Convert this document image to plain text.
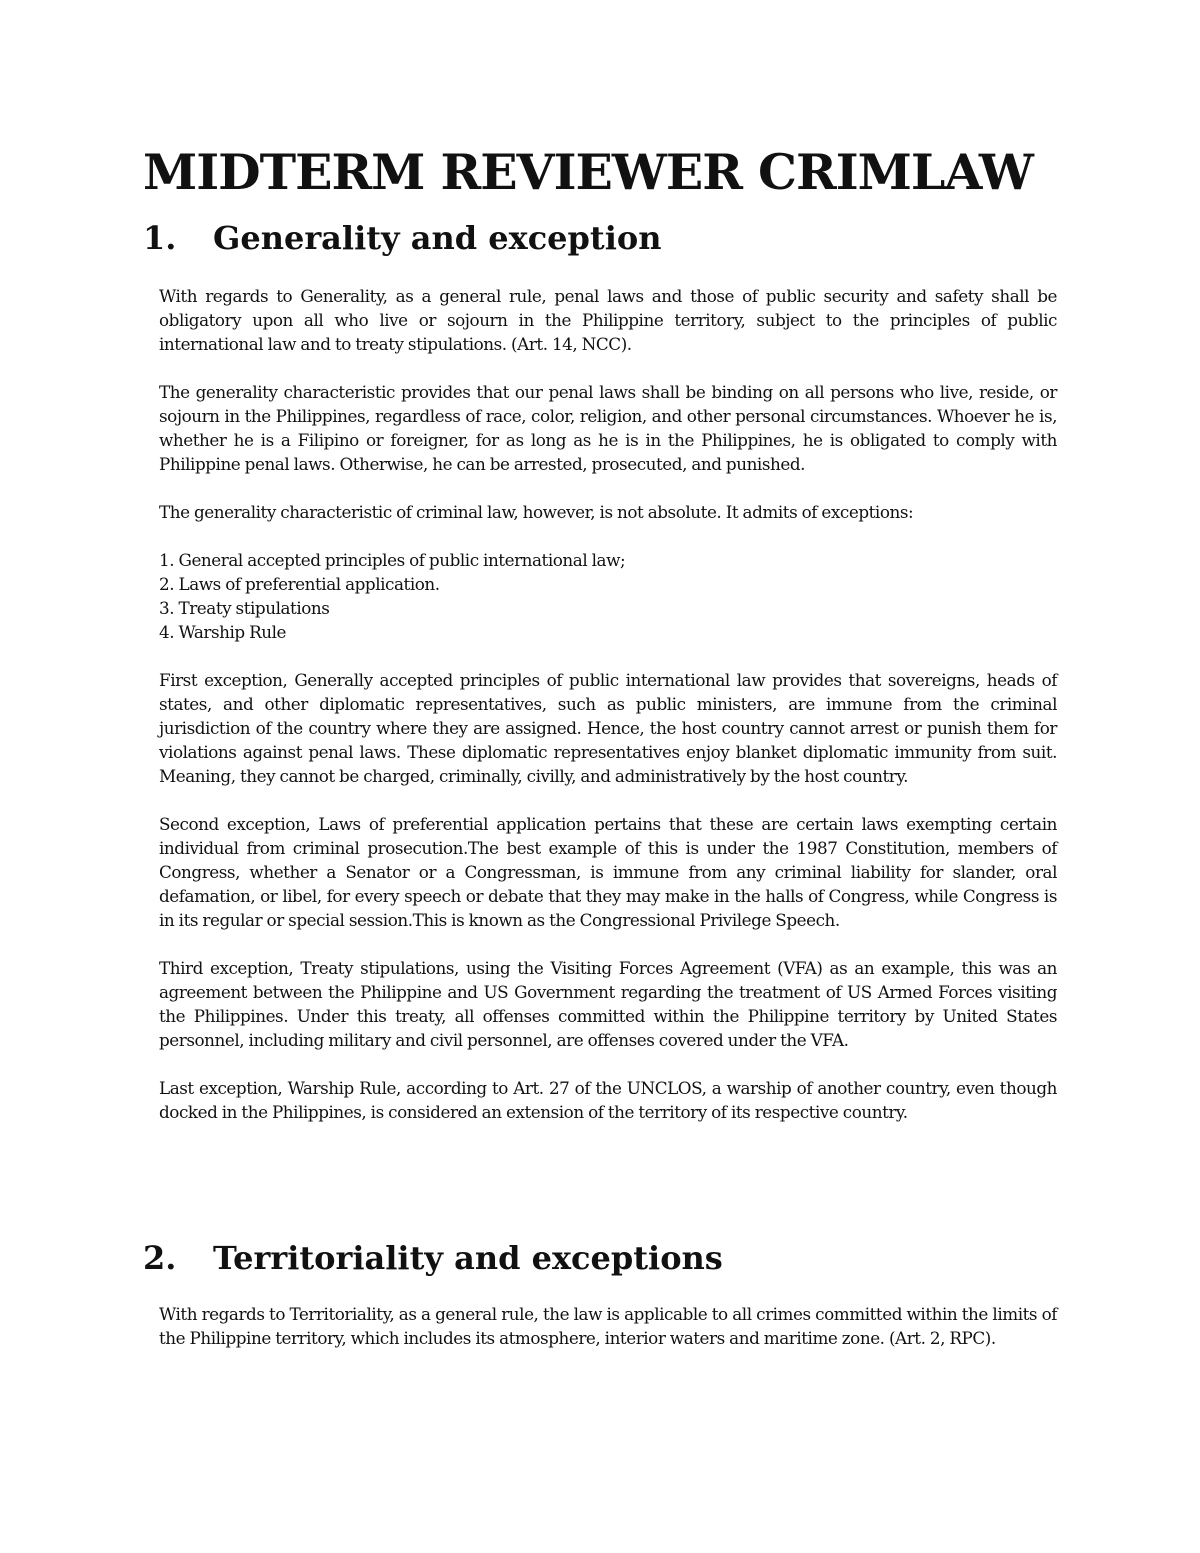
MIDTERM REVIEWER CRIMLAW
1. Generality and exception

With regards to Generality, as a general rule, penal laws and those of public security and safety shall be obligatory upon all who live or sojourn in the Philippine territory, subject to the principles of public international law and to treaty stipulations. (Art. 14, NCC).

The generality characteristic provides that our penal laws shall be binding on all persons who live, reside, or sojourn in the Philippines, regardless of race, color, religion, and other personal circumstances. Whoever he is, whether he is a Filipino or foreigner, for as long as he is in the Philippines, he is obligated to comply with Philippine penal laws. Otherwise, he can be arrested, prosecuted, and punished.

The generality characteristic of criminal law, however, is not absolute. It admits of exceptions:

1. General accepted principles of public international law;
2. Laws of preferential application.
3. Treaty stipulations
4. Warship Rule

First exception, Generally accepted principles of public international law provides that sovereigns, heads of states, and other diplomatic representatives, such as public ministers, are immune from the criminal jurisdiction of the country where they are assigned. Hence, the host country cannot arrest or punish them for violations against penal laws. These diplomatic representatives enjoy blanket diplomatic immunity from suit. Meaning, they cannot be charged, criminally, civilly, and administratively by the host country.

Second exception, Laws of preferential application pertains that these are certain laws exempting certain individual from criminal prosecution.The best example of this is under the 1987 Constitution, members of Congress, whether a Senator or a Congressman, is immune from any criminal liability for slander, oral defamation, or libel, for every speech or debate that they may make in the halls of Congress, while Congress is in its regular or special session.This is known as the Congressional Privilege Speech.

Third exception, Treaty stipulations, using the Visiting Forces Agreement (VFA) as an example, this was an agreement between the Philippine and US Government regarding the treatment of US Armed Forces visiting the Philippines. Under this treaty, all offenses committed within the Philippine territory by United States personnel, including military and civil personnel, are offenses covered under the VFA.

Last exception, Warship Rule, according to Art. 27 of the UNCLOS, a warship of another country, even though docked in the Philippines, is considered an extension of the territory of its respective country.

2. Territoriality and exceptions

With regards to Territoriality, as a general rule, the law is applicable to all crimes committed within the limits of the Philippine territory, which includes its atmosphere, interior waters and maritime zone. (Art. 2, RPC).
